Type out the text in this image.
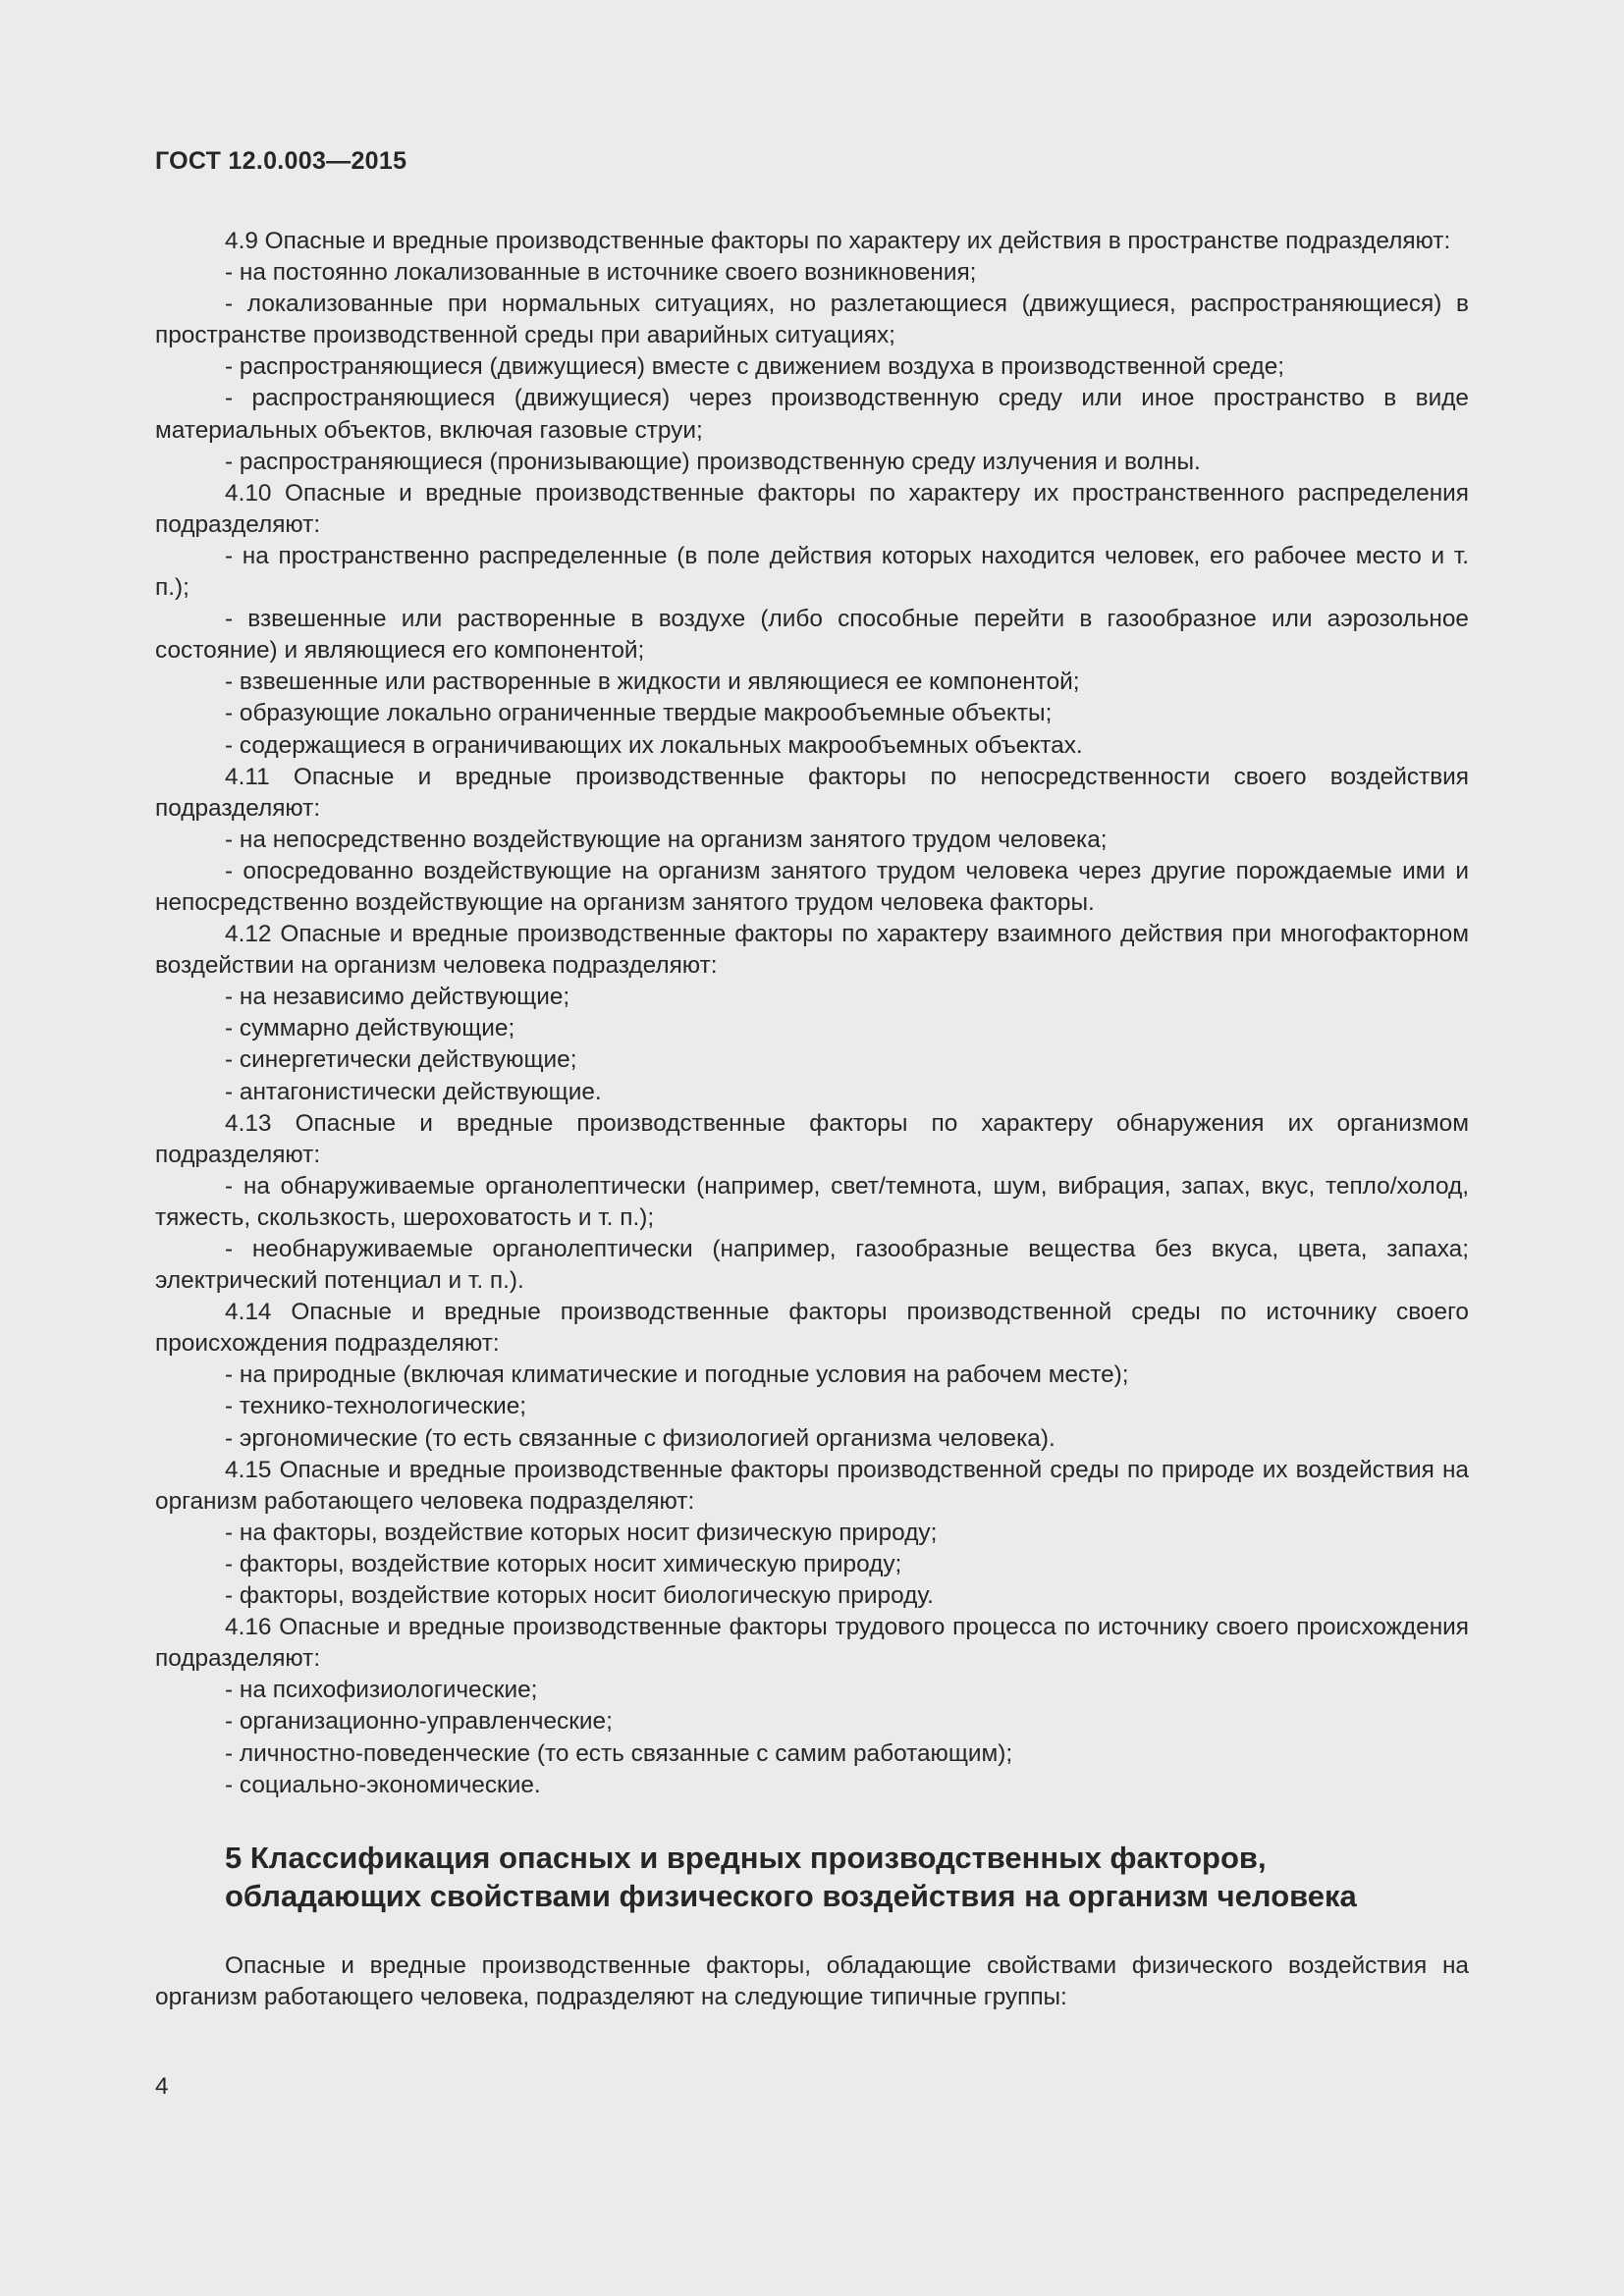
ГОСТ 12.0.003—2015

4.9 Опасные и вредные производственные факторы по характеру их действия в пространстве подразделяют:

- на постоянно локализованные в источнике своего возникновения;

- локализованные при нормальных ситуациях, но разлетающиеся (движущиеся, распространяющиеся) в пространстве производственной среды при аварийных ситуациях;

- распространяющиеся (движущиеся) вместе с движением воздуха в производственной среде;

- распространяющиеся (движущиеся) через производственную среду или иное пространство в виде материальных объектов, включая газовые струи;

- распространяющиеся (пронизывающие) производственную среду излучения и волны.

4.10 Опасные и вредные производственные факторы по характеру их пространственного распределения подразделяют:

- на пространственно распределенные (в поле действия которых находится человек, его рабочее место и т. п.);

- взвешенные или растворенные в воздухе (либо способные перейти в газообразное или аэрозольное состояние) и являющиеся его компонентой;

- взвешенные или растворенные в жидкости и являющиеся ее компонентой;

- образующие локально ограниченные твердые макрообъемные объекты;

- содержащиеся в ограничивающих их локальных макрообъемных объектах.

4.11 Опасные и вредные производственные факторы по непосредственности своего воздействия подразделяют:

- на непосредственно воздействующие на организм занятого трудом человека;

- опосредованно воздействующие на организм занятого трудом человека через другие порождаемые ими и непосредственно воздействующие на организм занятого трудом человека факторы.

4.12 Опасные и вредные производственные факторы по характеру взаимного действия при многофакторном воздействии на организм человека подразделяют:

- на независимо действующие;

- суммарно действующие;

- синергетически действующие;

- антагонистически действующие.

4.13 Опасные и вредные производственные факторы по характеру обнаружения их организмом подразделяют:

- на обнаруживаемые органолептически (например, свет/темнота, шум, вибрация, запах, вкус, тепло/холод, тяжесть, скользкость, шероховатость и т. п.);

- необнаруживаемые органолептически (например, газообразные вещества без вкуса, цвета, запаха; электрический потенциал и т. п.).

4.14 Опасные и вредные производственные факторы производственной среды по источнику своего происхождения подразделяют:

- на природные (включая климатические и погодные условия на рабочем месте);

- технико-технологические;

- эргономические (то есть связанные с физиологией организма человека).

4.15 Опасные и вредные производственные факторы производственной среды по природе их воздействия на организм работающего человека подразделяют:

- на факторы, воздействие которых носит физическую природу;

- факторы, воздействие которых носит химическую природу;

- факторы, воздействие которых носит биологическую природу.

4.16 Опасные и вредные производственные факторы трудового процесса по источнику своего происхождения подразделяют:

- на психофизиологические;

- организационно-управленческие;

- личностно-поведенческие (то есть связанные с самим работающим);

- социально-экономические.

5 Классификация опасных и вредных производственных факторов,
обладающих свойствами физического воздействия на организм человека

Опасные и вредные производственные факторы, обладающие свойствами физического воздействия на организм работающего человека, подразделяют на следующие типичные группы:

4
